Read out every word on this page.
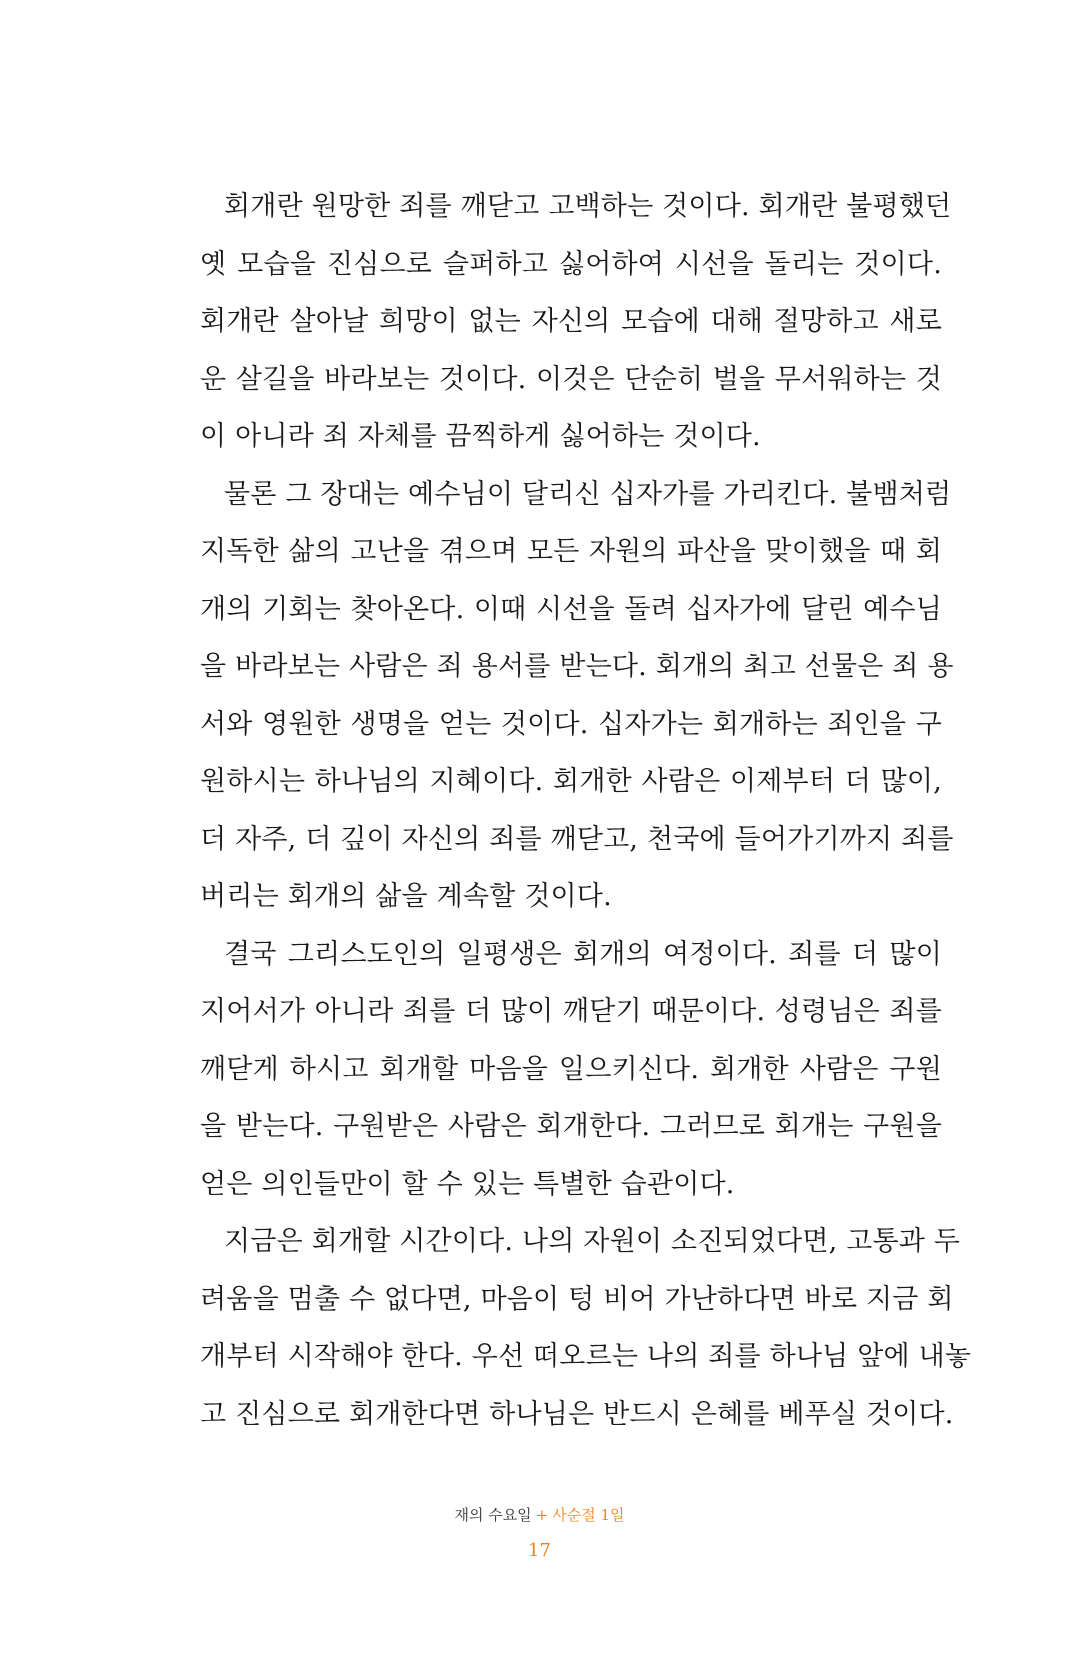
회개란 원망한 죄를 깨닫고 고백하는 것이다. 회개란 불평했던
옛 모습을 진심으로 슬퍼하고 싫어하여 시선을 돌리는 것이다.
회개란 살아날 희망이 없는 자신의 모습에 대해 절망하고 새로
운 살길을 바라보는 것이다. 이것은 단순히 벌을 무서워하는 것
이 아니라 죄 자체를 끔찍하게 싫어하는 것이다.
물론 그 장대는 예수님이 달리신 십자가를 가리킨다. 불뱀처럼
지독한 삶의 고난을 겪으며 모든 자원의 파산을 맞이했을 때 회
개의 기회는 찾아온다. 이때 시선을 돌려 십자가에 달린 예수님
을 바라보는 사람은 죄 용서를 받는다. 회개의 최고 선물은 죄 용
서와 영원한 생명을 얻는 것이다. 십자가는 회개하는 죄인을 구
원하시는 하나님의 지혜이다. 회개한 사람은 이제부터 더 많이,
더 자주, 더 깊이 자신의 죄를 깨닫고, 천국에 들어가기까지 죄를
버리는 회개의 삶을 계속할 것이다.
결국 그리스도인의 일평생은 회개의 여정이다. 죄를 더 많이
지어서가 아니라 죄를 더 많이 깨닫기 때문이다. 성령님은 죄를
깨닫게 하시고 회개할 마음을 일으키신다. 회개한 사람은 구원
을 받는다. 구원받은 사람은 회개한다. 그러므로 회개는 구원을
얻은 의인들만이 할 수 있는 특별한 습관이다.
지금은 회개할 시간이다. 나의 자원이 소진되었다면, 고통과 두
려움을 멈출 수 없다면, 마음이 텅 비어 가난하다면 바로 지금 회
개부터 시작해야 한다. 우선 떠오르는 나의 죄를 하나님 앞에 내놓
고 진심으로 회개한다면 하나님은 반드시 은혜를 베푸실 것이다.
재의 수요일 + 사순절 1일
17
